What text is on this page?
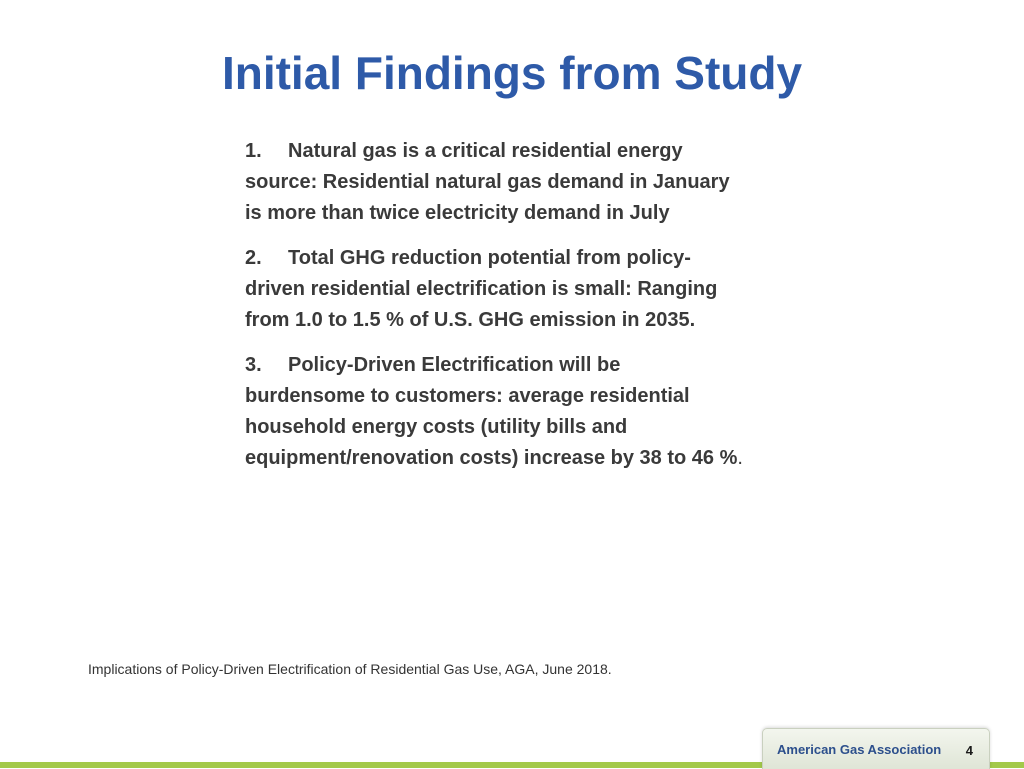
Initial Findings from Study
1. Natural gas is a critical residential energy source: Residential natural gas demand in January is more than twice electricity demand in July
2. Total GHG reduction potential from policy-driven residential electrification is small: Ranging from 1.0 to 1.5 % of U.S. GHG emission in 2035.
3. Policy-Driven Electrification will be burdensome to customers: average residential household energy costs (utility bills and equipment/renovation costs) increase by 38 to 46 %.
Implications of Policy-Driven Electrification of Residential Gas Use, AGA, June 2018.
American Gas Association 4
